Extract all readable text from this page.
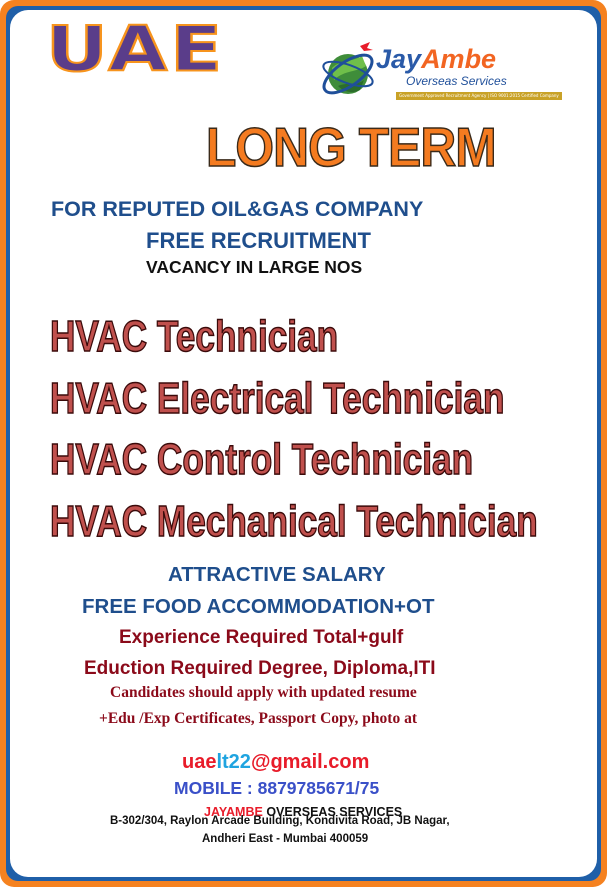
UAE	JayAmbe
Overseas Services
Government Approved Recruitment Agency | ISO 9001:2015 Certified Company
LONG TERM
FOR REPUTED OIL&GAS COMPANY
FREE RECRUITMENT
VACANCY IN LARGE NOS
HVAC Technician
HVAC Electrical Technician
HVAC Control Technician
HVAC Mechanical Technician
ATTRACTIVE SALARY
FREE FOOD ACCOMMODATION+OT
Experience Required Total+gulf
Eduction Required Degree, Diploma,ITI
Candidates should apply with updated resume
+Edu /Exp Certificates, Passport Copy, photo at
uaelt22@gmail.com
MOBILE : 8879785671/75
JAYAMBE OVERSEAS SERVICES
B-302/304, Raylon Arcade Building, Kondivita Road, JB Nagar,
Andheri East - Mumbai 400059
